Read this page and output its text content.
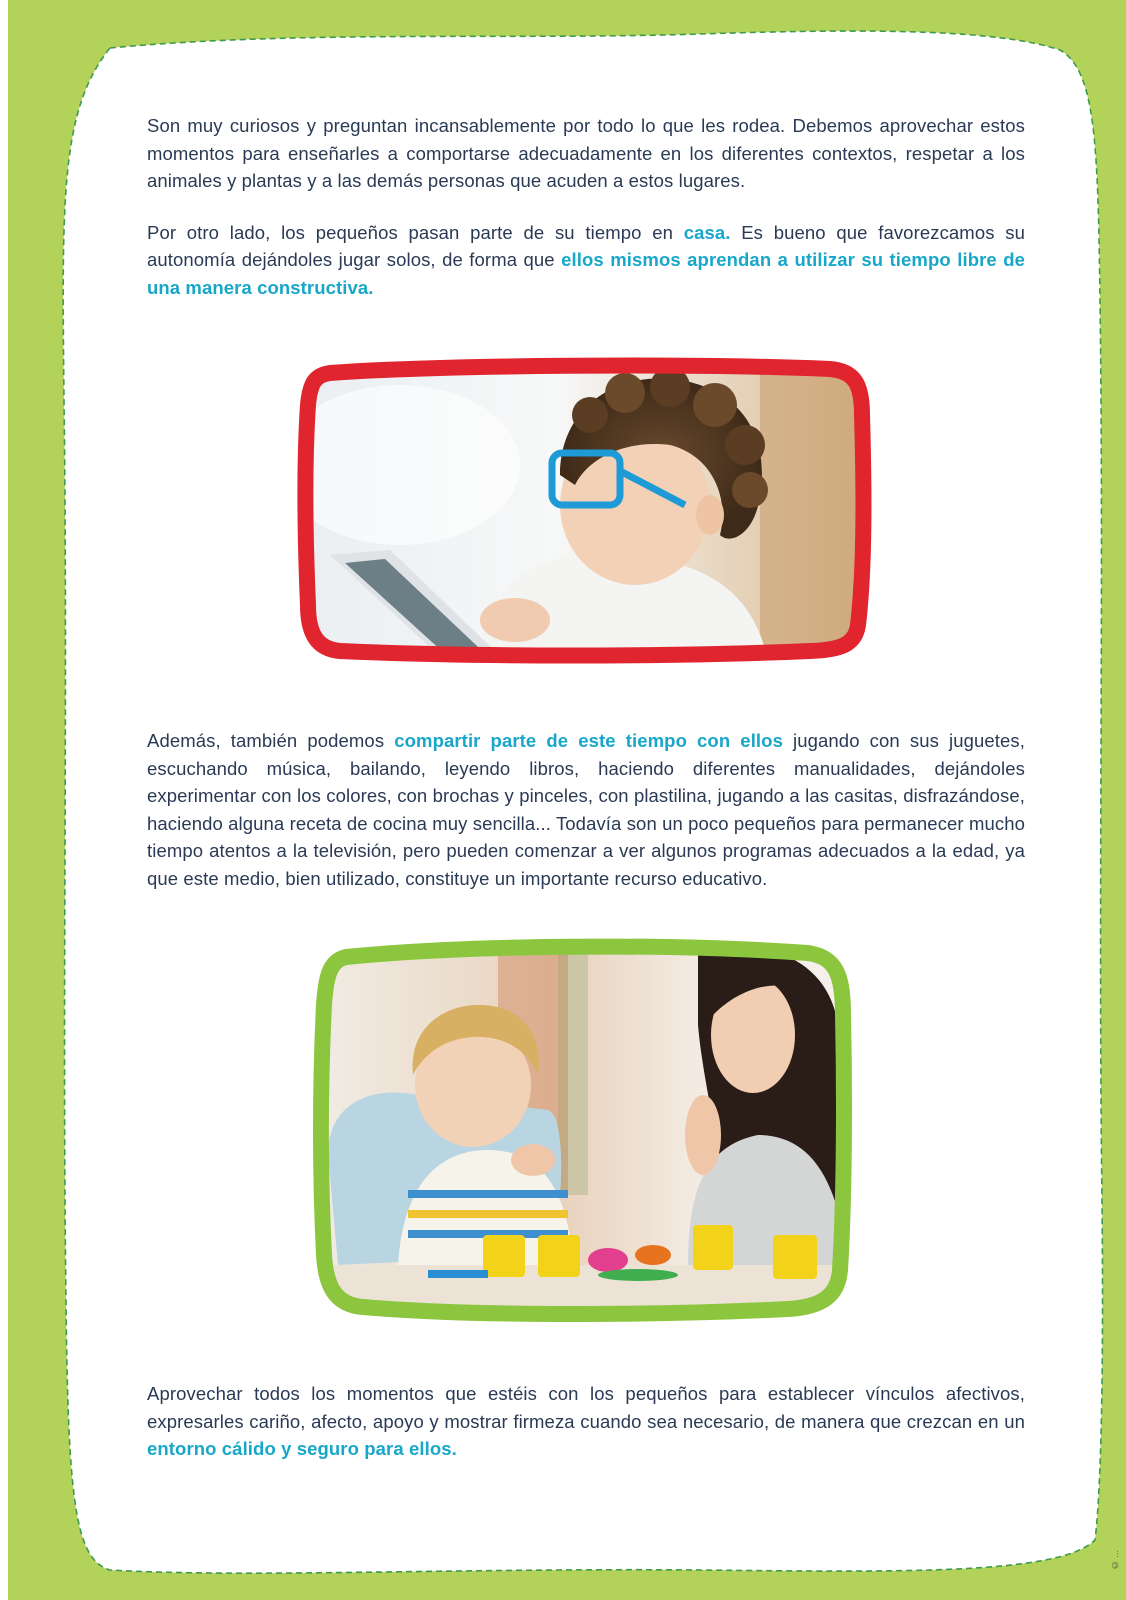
Son muy curiosos y preguntan incansablemente por todo lo que les rodea. Debemos aprovechar estos momentos para enseñarles a comportarse adecuadamente en los diferentes contextos, respetar a los animales y plantas y a las demás personas que acuden a estos lugares.

Por otro lado, los pequeños pasan parte de su tiempo en casa. Es bueno que favorezcamos su autonomía dejándoles jugar solos, de forma que ellos mismos aprendan a utilizar su tiempo libre de una manera constructiva.

Además, también podemos compartir parte de este tiempo con ellos jugando con sus juguetes, escuchando música, bailando, leyendo libros, haciendo diferentes manualidades, dejándoles experimentar con los colores, con brochas y pinceles, con plastilina, jugando a las casitas, disfrazándose, haciendo alguna receta de cocina muy sencilla... Todavía son un poco pequeños para permanecer mucho tiempo atentos a la televisión, pero pueden comenzar a ver algunos programas adecuados a la edad, ya que este medio, bien utilizado, constituye un importante recurso educativo.

Aprovechar todos los momentos que estéis con los pequeños para establecer vínculos afectivos, expresarles cariño, afecto, apoyo y mostrar firmeza cuando sea necesario, de manera que crezcan en un entorno cálido y seguro para ellos.

© ...
